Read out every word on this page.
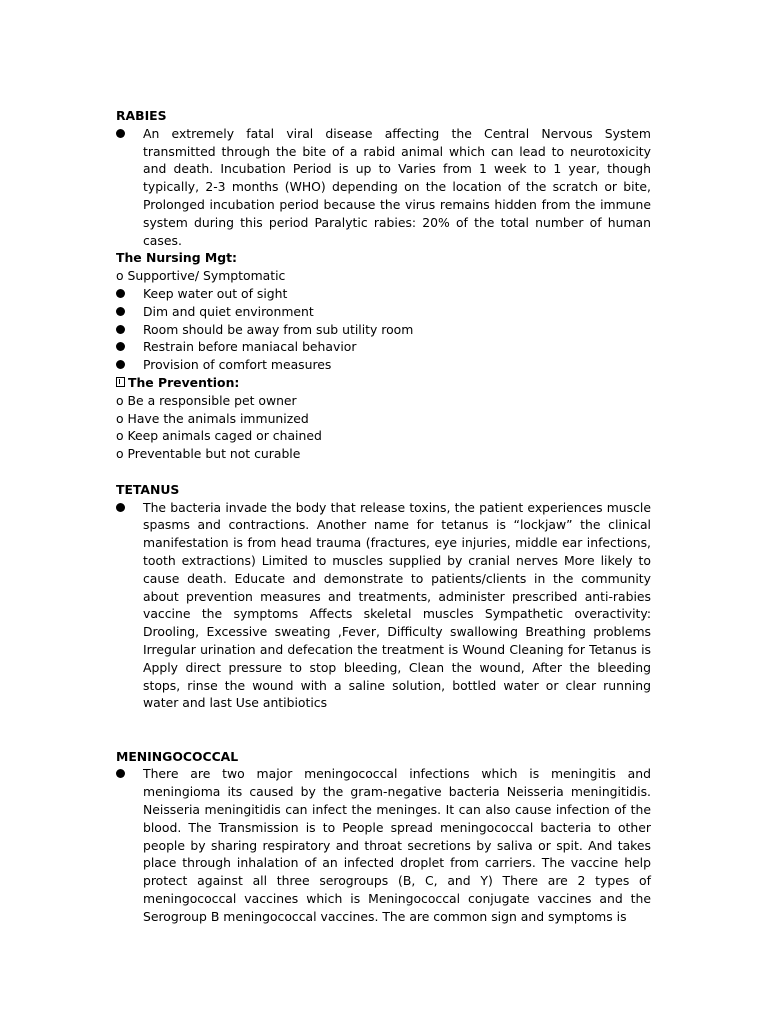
RABIES
An extremely fatal viral disease affecting the Central Nervous System transmitted through the bite of a rabid animal which can lead to neurotoxicity and death. Incubation Period is up to Varies from 1 week to 1 year, though typically, 2-3 months (WHO) depending on the location of the scratch or bite, Prolonged incubation period because the virus remains hidden from the immune system during this period Paralytic rabies: 20% of the total number of human cases.
The Nursing Mgt:
o Supportive/ Symptomatic
Keep water out of sight
Dim and quiet environment
Room should be away from sub utility room
Restrain before maniacal behavior
Provision of comfort measures
The Prevention:
o Be a responsible pet owner
o Have the animals immunized
o Keep animals caged or chained
o Preventable but not curable
TETANUS
The bacteria invade the body that release toxins, the patient experiences muscle spasms and contractions. Another name for tetanus is “lockjaw” the clinical manifestation is from head trauma (fractures, eye injuries, middle ear infections, tooth extractions) Limited to muscles supplied by cranial nerves More likely to cause death. Educate and demonstrate to patients/clients in the community about prevention measures and treatments, administer prescribed anti-rabies vaccine the symptoms Affects skeletal muscles Sympathetic overactivity: Drooling, Excessive sweating ,Fever, Difficulty swallowing Breathing problems Irregular urination and defecation the treatment is Wound Cleaning for Tetanus is Apply direct pressure to stop bleeding, Clean the wound, After the bleeding stops, rinse the wound with a saline solution, bottled water or clear running water and last Use antibiotics
MENINGOCOCCAL
There are two major meningococcal infections which is meningitis and meningioma its caused by the gram-negative bacteria Neisseria meningitidis. Neisseria meningitidis can infect the meninges. It can also cause infection of the blood. The Transmission is to People spread meningococcal bacteria to other people by sharing respiratory and throat secretions by saliva or spit. And takes place through inhalation of an infected droplet from carriers. The vaccine help protect against all three serogroups (B, C, and Y) There are 2 types of meningococcal vaccines which is Meningococcal conjugate vaccines and the Serogroup B meningococcal vaccines. The are common sign and symptoms is
